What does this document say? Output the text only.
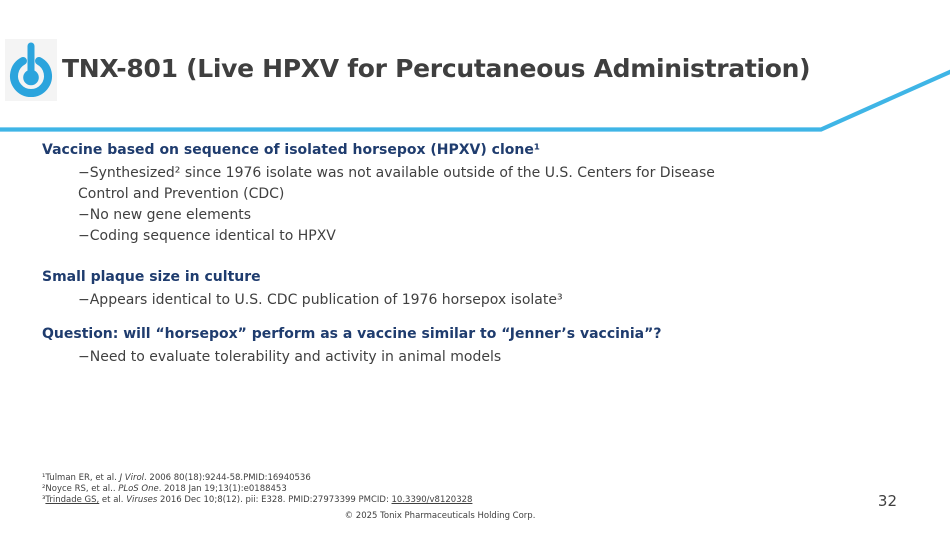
TNX-801 (Live HPXV for Percutaneous Administration)
Vaccine based on sequence of isolated horsepox (HPXV) clone¹
−Synthesized² since 1976 isolate was not available outside of the U.S. Centers for Disease Control and Prevention (CDC)
−No new gene elements
−Coding sequence identical to HPXV
Small plaque size in culture
−Appears identical to U.S. CDC publication of 1976 horsepox isolate³
Question: will “horsepox” perform as a vaccine similar to “Jenner’s vaccinia”?
−Need to evaluate tolerability and activity in animal models
¹Tulman ER, et al. J Virol. 2006 80(18):9244-58.PMID:16940536
²Noyce RS, et al.. PLoS One. 2018 Jan 19;13(1):e0188453
³Trindade GS, et al. Viruses 2016 Dec 10;8(12). pii: E328. PMID:27973399 PMCID: 10.3390/v8120328
© 2025 Tonix Pharmaceuticals Holding Corp.
32
